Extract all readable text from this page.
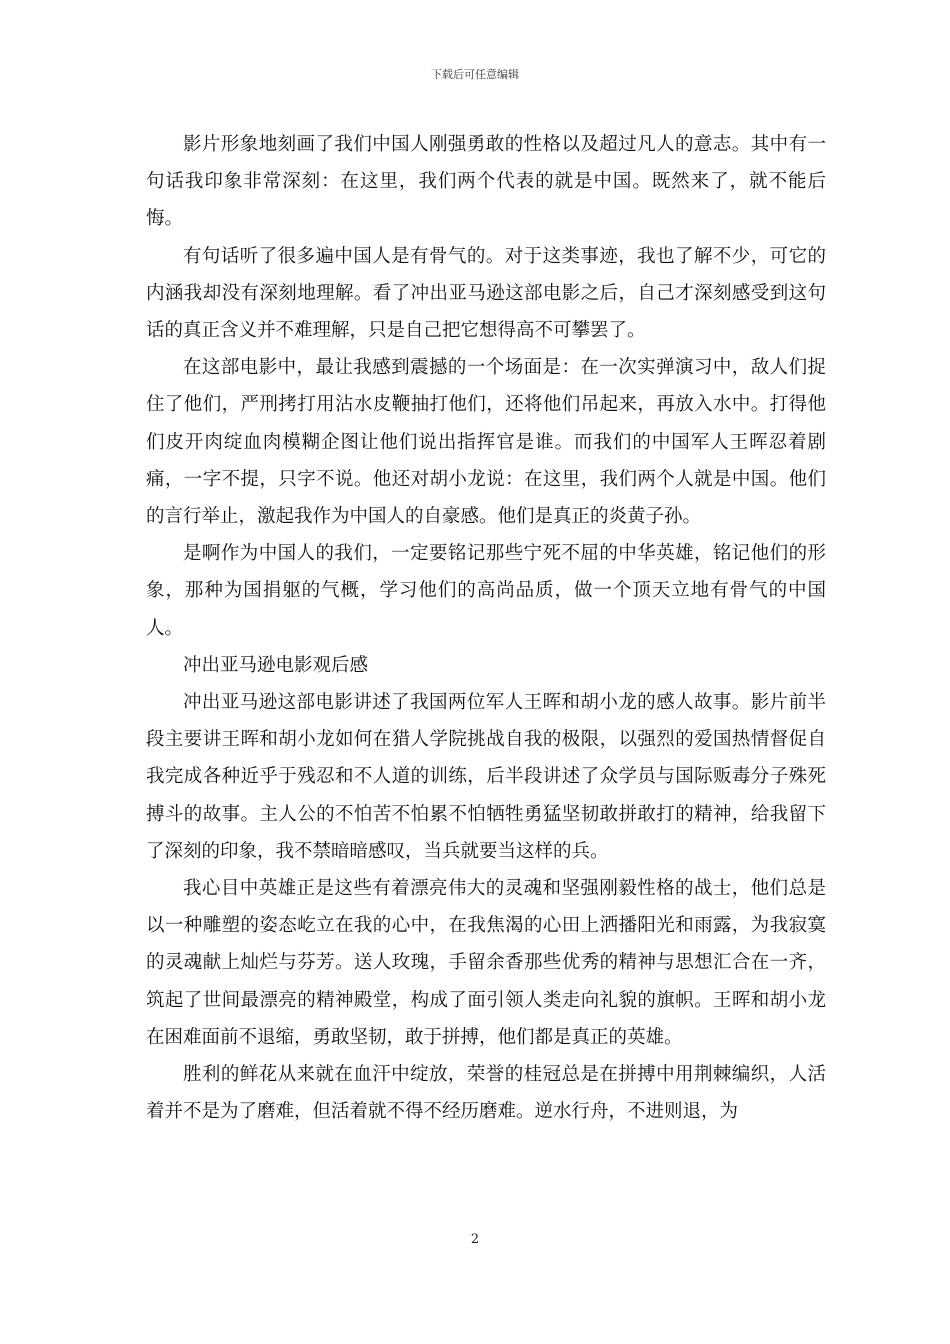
下载后可任意编辑

影片形象地刻画了我们中国人刚强勇敢的性格以及超过凡人的意志。其中有一句话我印象非常深刻：在这里，我们两个代表的就是中国。既然来了，就不能后悔。

有句话听了很多遍中国人是有骨气的。对于这类事迹，我也了解不少，可它的内涵我却没有深刻地理解。看了冲出亚马逊这部电影之后，自己才深刻感受到这句话的真正含义并不难理解，只是自己把它想得高不可攀罢了。

在这部电影中，最让我感到震撼的一个场面是：在一次实弹演习中，敌人们捉住了他们，严刑拷打用沾水皮鞭抽打他们，还将他们吊起来，再放入水中。打得他们皮开肉绽血肉模糊企图让他们说出指挥官是谁。而我们的中国军人王晖忍着剧痛，一字不提，只字不说。他还对胡小龙说：在这里，我们两个人就是中国。他们的言行举止，激起我作为中国人的自豪感。他们是真正的炎黄子孙。

是啊作为中国人的我们，一定要铭记那些宁死不屈的中华英雄，铭记他们的形象，那种为国捐躯的气概，学习他们的高尚品质，做一个顶天立地有骨气的中国人。

冲出亚马逊电影观后感

冲出亚马逊这部电影讲述了我国两位军人王晖和胡小龙的感人故事。影片前半段主要讲王晖和胡小龙如何在猎人学院挑战自我的极限，以强烈的爱国热情督促自我完成各种近乎于残忍和不人道的训练，后半段讲述了众学员与国际贩毒分子殊死搏斗的故事。主人公的不怕苦不怕累不怕牺牲勇猛坚韧敢拼敢打的精神，给我留下了深刻的印象，我不禁暗暗感叹，当兵就要当这样的兵。

我心目中英雄正是这些有着漂亮伟大的灵魂和坚强刚毅性格的战士，他们总是以一种雕塑的姿态屹立在我的心中，在我焦渴的心田上洒播阳光和雨露，为我寂寞的灵魂献上灿烂与芬芳。送人玫瑰，手留余香那些优秀的精神与思想汇合在一齐，筑起了世间最漂亮的精神殿堂，构成了面引领人类走向礼貌的旗帜。王晖和胡小龙在困难面前不退缩，勇敢坚韧，敢于拼搏，他们都是真正的英雄。

胜利的鲜花从来就在血汗中绽放，荣誉的桂冠总是在拼搏中用荆棘编织，人活着并不是为了磨难，但活着就不得不经历磨难。逆水行舟，不进则退，为

2
